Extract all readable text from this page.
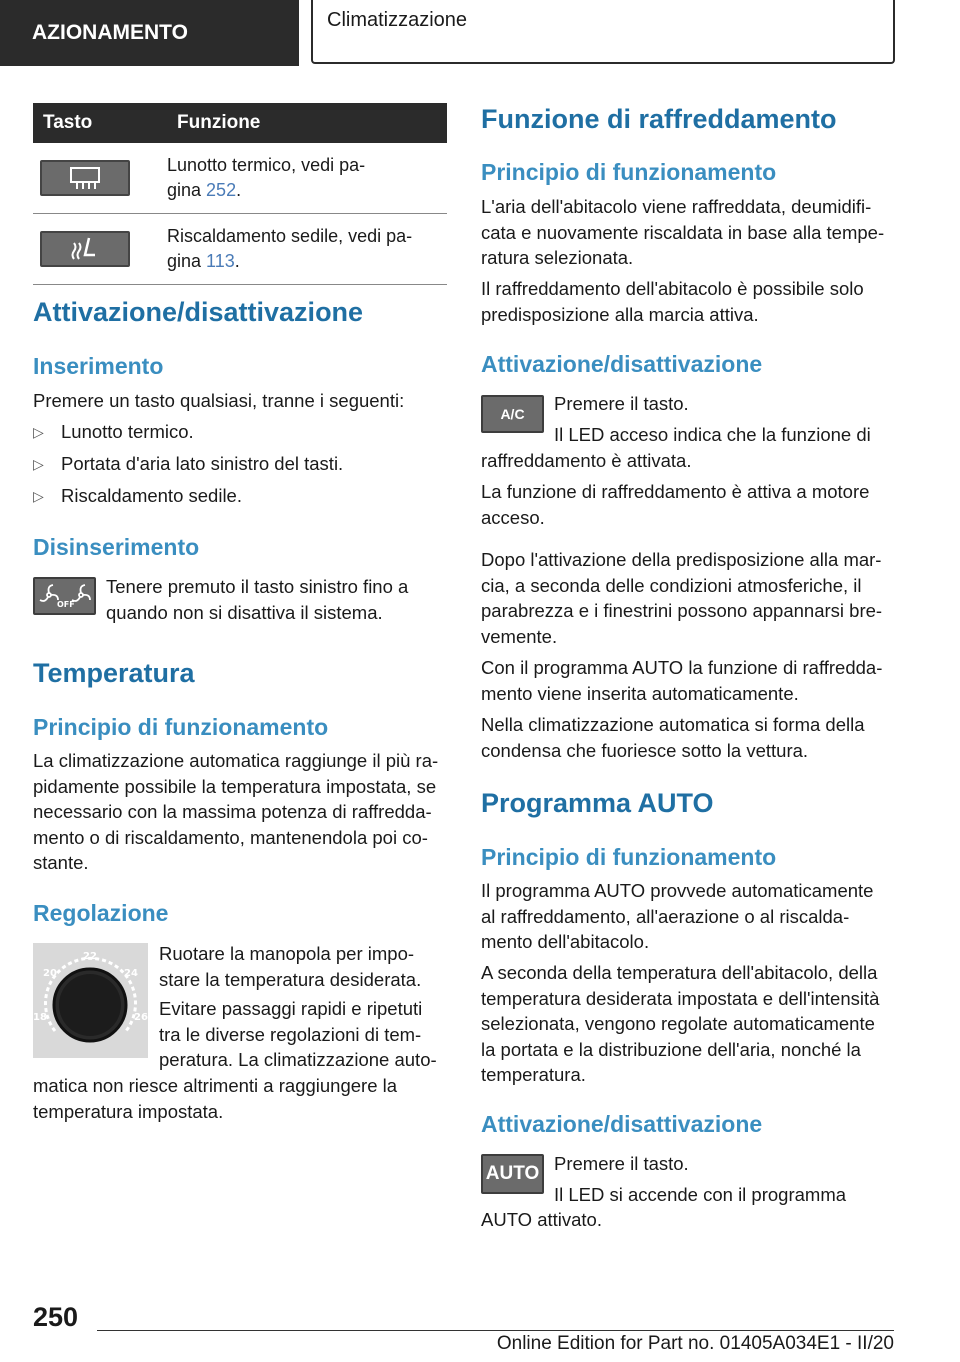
AZIONAMENTO
Climatizzazione
Tasto	Funzione

	Lunotto termico, vedi pa-
gina 252.

	Riscaldamento sedile, vedi pa-
gina 113.
Attivazione/disattivazione
Inserimento

Premere un tasto qualsiasi, tranne i seguenti:

▷ Lunotto termico.
▷ Portata d'aria lato sinistro del tasti.
▷ Riscaldamento sedile.
Disinserimento
OFF

Tenere premuto il tasto sinistro fino a
quando non si disattiva il sistema.

Temperatura
Principio di funzionamento

La climatizzazione automatica raggiunge il più ra-
pidamente possibile la temperatura impostata, se
necessario con la massima potenza di raffredda-
mento o di riscaldamento, mantenendola poi co-
stante.

Regolazione
18
20
22
24
26

Ruotare la manopola per impo-
stare la temperatura desiderata.

Evitare passaggi rapidi e ripetuti
tra le diverse regolazioni di tem-
peratura. La climatizzazione auto-

matica non riesce altrimenti a raggiungere la
temperatura impostata.

Funzione di raffreddamento
Principio di funzionamento

L'aria dell'abitacolo viene raffreddata, deumidifi-
cata e nuovamente riscaldata in base alla tempe-
ratura selezionata.

Il raffreddamento dell'abitacolo è possibile solo
predisposizione alla marcia attiva.

Attivazione/disattivazione
A/C	Premere il tasto.

Il LED acceso indica che la funzione di

raffreddamento è attivata.

La funzione di raffreddamento è attiva a motore
acceso.

Dopo l'attivazione della predisposizione alla mar-
cia, a seconda delle condizioni atmosferiche, il
parabrezza e i finestrini possono appannarsi bre-
vemente.

Con il programma AUTO la funzione di raffredda-
mento viene inserita automaticamente.

Nella climatizzazione automatica si forma della
condensa che fuoriesce sotto la vettura.

Programma AUTO
Principio di funzionamento

Il programma AUTO provvede automaticamente
al raffreddamento, all'aerazione o al riscalda-
mento dell'abitacolo.

A seconda della temperatura dell'abitacolo, della
temperatura desiderata impostata e dell'intensità
selezionata, vengono regolate automaticamente
la portata e la distribuzione dell'aria, nonché la
temperatura.

Attivazione/disattivazione
AUTO Premere il tasto.

Il LED si accende con il programma

AUTO attivato.

250
Online Edition for Part no. 01405A034E1 - II/20
